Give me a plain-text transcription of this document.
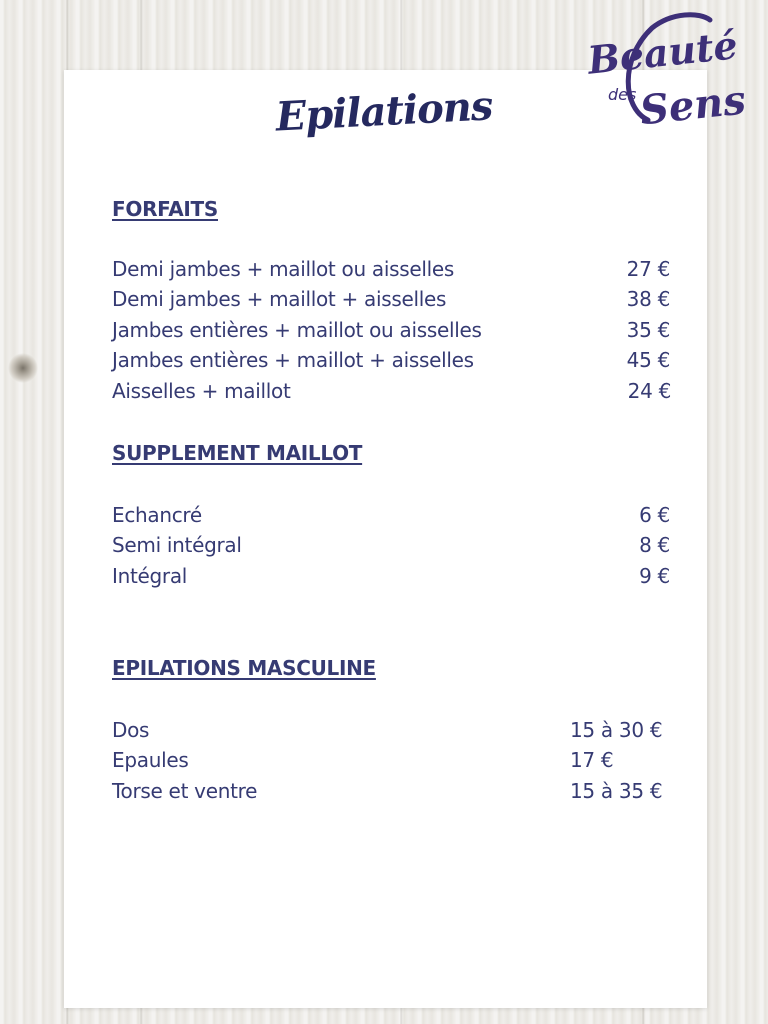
Beauté
des Sens
Epilations
FORFAITS
Demi jambes + maillot ou aisselles	27 €
Demi jambes + maillot + aisselles	38 €
Jambes entières + maillot ou aisselles	35 €
Jambes entières + maillot + aisselles	45 €
Aisselles + maillot	24 €
SUPPLEMENT MAILLOT
Echancré	6 €
Semi intégral	8 €
Intégral	9 €
EPILATIONS MASCULINE
Dos	15 à 30 €
Epaules	17 €
Torse et ventre	15 à 35 €
